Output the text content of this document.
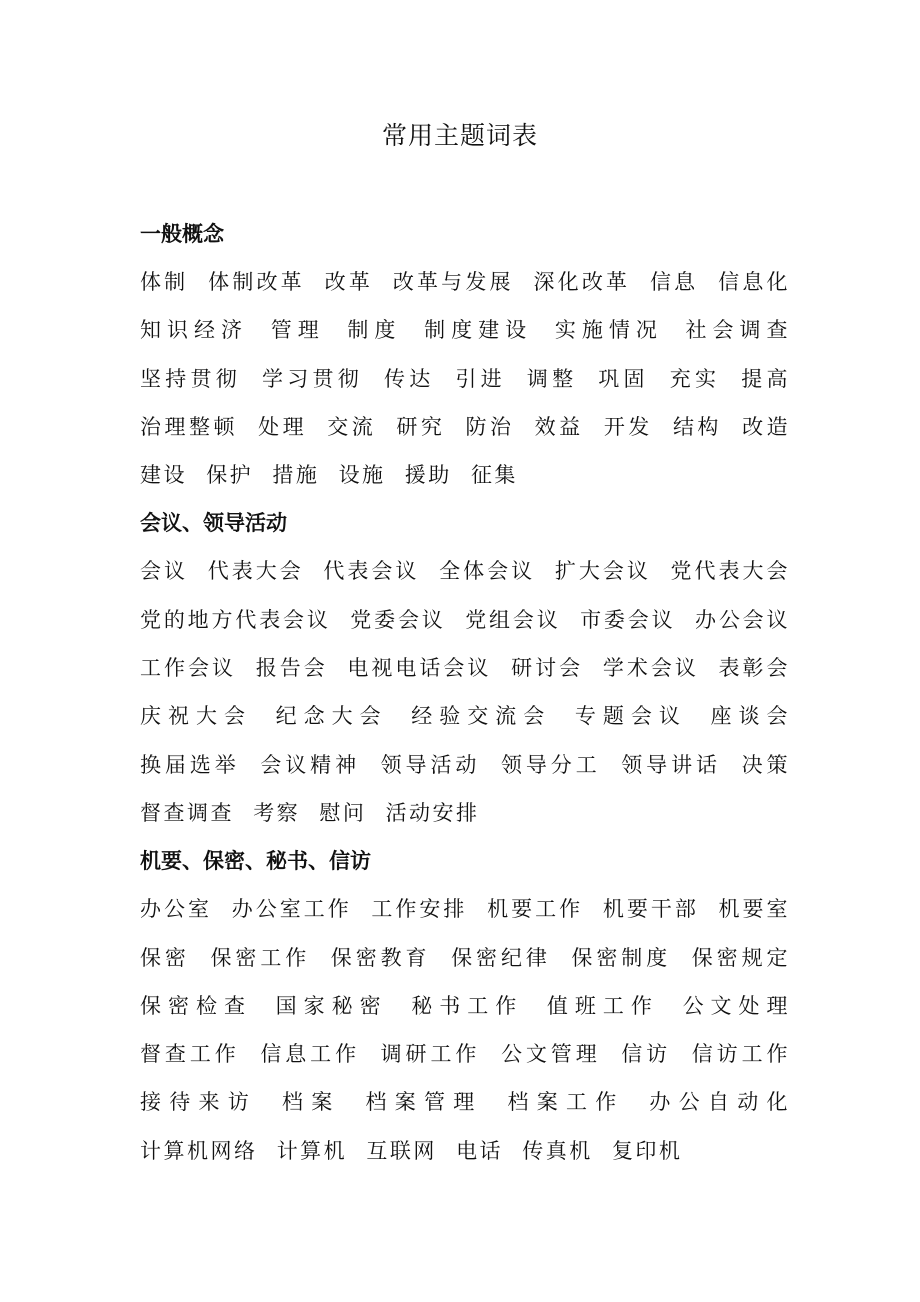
常用主题词表
一般概念

体制 体制改革 改革 改革与发展 深化改革 信息 信息化 知识经济 管理 制度 制度建设 实施情况 社会调查 坚持贯彻 学习贯彻 传达 引进 调整 巩固 充实 提高 治理整顿 处理 交流 研究 防治 效益 开发 结构 改造 建设 保护 措施 设施 援助 征集

会议、领导活动

会议 代表大会 代表会议 全体会议 扩大会议 党代表大会 党的地方代表会议 党委会议 党组会议 市委会议 办公会议 工作会议 报告会 电视电话会议 研讨会 学术会议 表彰会 庆祝大会 纪念大会 经验交流会 专题会议 座谈会 换届选举 会议精神 领导活动 领导分工 领导讲话 决策 督查调查 考察 慰问 活动安排

机要、保密、秘书、信访

办公室 办公室工作 工作安排 机要工作 机要干部 机要室 保密 保密工作 保密教育 保密纪律 保密制度 保密规定 保密检查 国家秘密 秘书工作 值班工作 公文处理 督查工作 信息工作 调研工作 公文管理 信访 信访工作 接待来访 档案 档案管理 档案工作 办公自动化 计算机网络 计算机 互联网 电话 传真机 复印机
